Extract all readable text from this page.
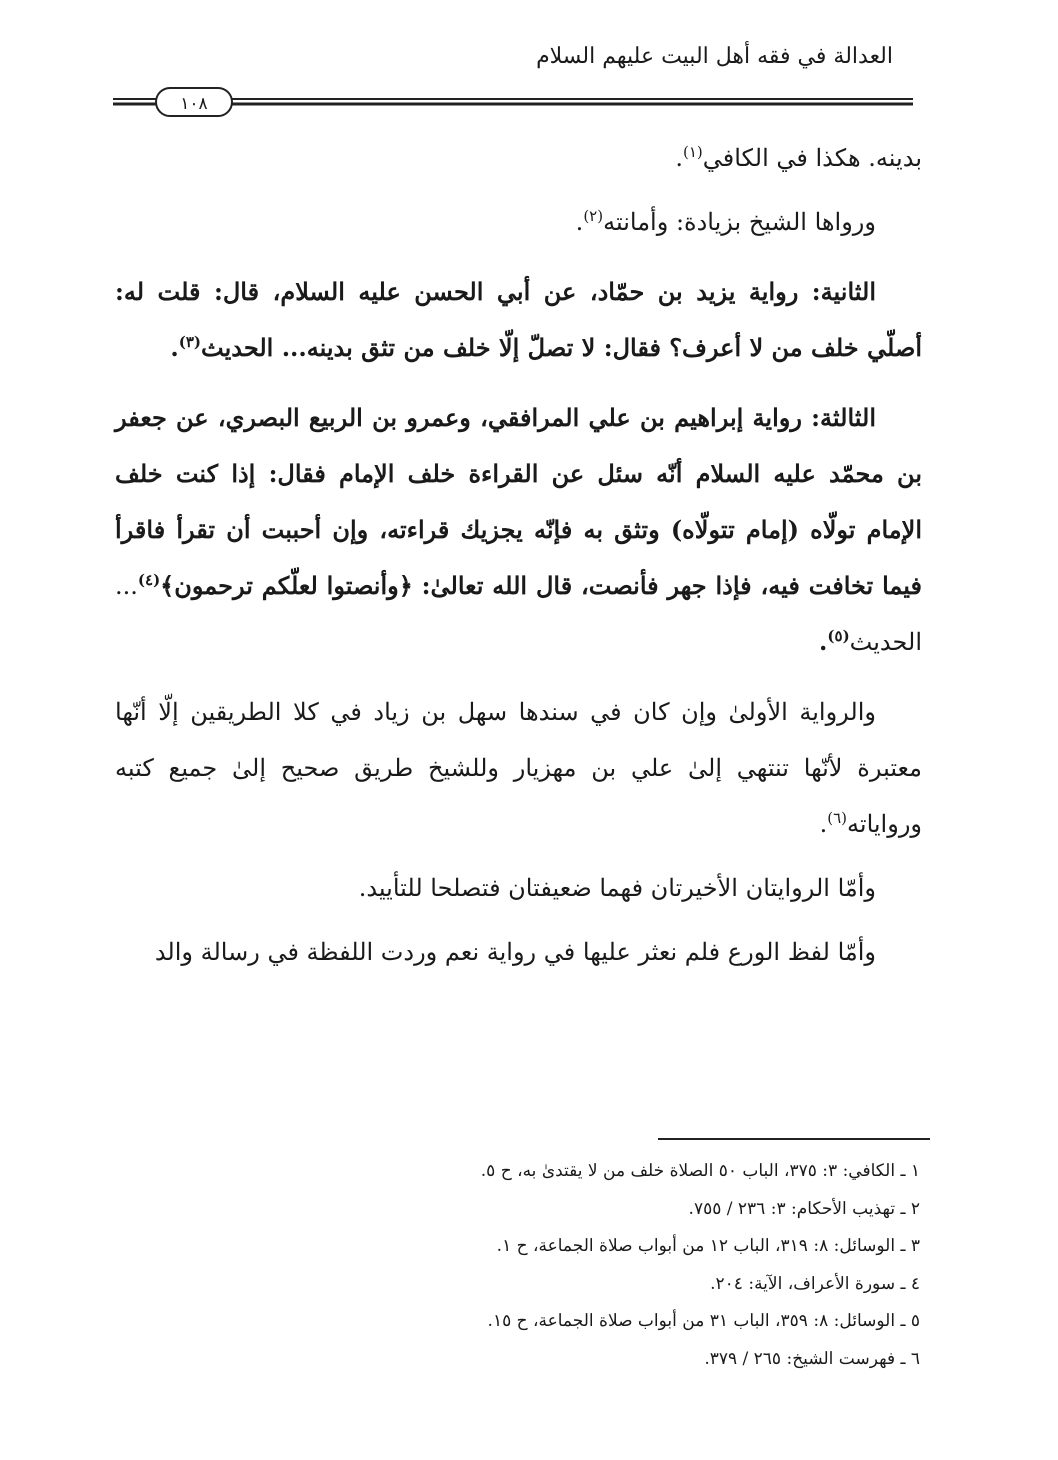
العدالة في فقه أهل البيت عليهم السلام
١٠٨

بدينه. هكذا في الكافي$^{(١)}$.

ورواها الشيخ بزيادة: وأمانته$^{(٢)}$.

الثانية: رواية يزيد بن حمّاد، عن أبي الحسن عليه السلام، قال: قلت له: أصلّي خلف من لا أعرف؟ فقال: لا تصلّ إلّا خلف من تثق بدينه... الحديث$^{(٣)}$.

الثالثة: رواية إبراهيم بن علي المرافقي، وعمرو بن الربيع البصري، عن جعفر بن محمّد عليه السلام أنّه سئل عن القراءة خلف الإمام فقال: إذا كنت خلف الإمام تولّاه (إمام تتولّاه) وتثق به فإنّه يجزيك قراءته، وإن أحببت أن تقرأ فاقرأ فيما تخافت فيه، فإذا جهر فأنصت، قال الله تعالىٰ: ﴿وأنصتوا لعلّكم ترحمون﴾$^{(٤)}$... الحديث$^{(٥)}$.

والرواية الأولىٰ وإن كان في سندها سهل بن زياد في كلا الطريقين إلّا أنّها معتبرة لأنّها تنتهي إلىٰ علي بن مهزيار وللشيخ طريق صحيح إلىٰ جميع كتبه ورواياته$^{(٦)}$.

وأمّا الروايتان الأخيرتان فهما ضعيفتان فتصلحا للتأييد.

وأمّا لفظ الورع فلم نعثر عليها في رواية نعم وردت اللفظة في رسالة والد

١ ـ الكافي: ٣: ٣٧٥، الباب ٥٠ الصلاة خلف من لا يقتدىٰ به، ح ٥.
٢ ـ تهذيب الأحكام: ٣: ٢٣٦ / ٧٥٥.
٣ ـ الوسائل: ٨: ٣١٩، الباب ١٢ من أبواب صلاة الجماعة، ح ١.
٤ ـ سورة الأعراف، الآية: ٢٠٤.
٥ ـ الوسائل: ٨: ٣٥٩، الباب ٣١ من أبواب صلاة الجماعة، ح ١٥.
٦ ـ فهرست الشيخ: ٢٦٥ / ٣٧٩.
